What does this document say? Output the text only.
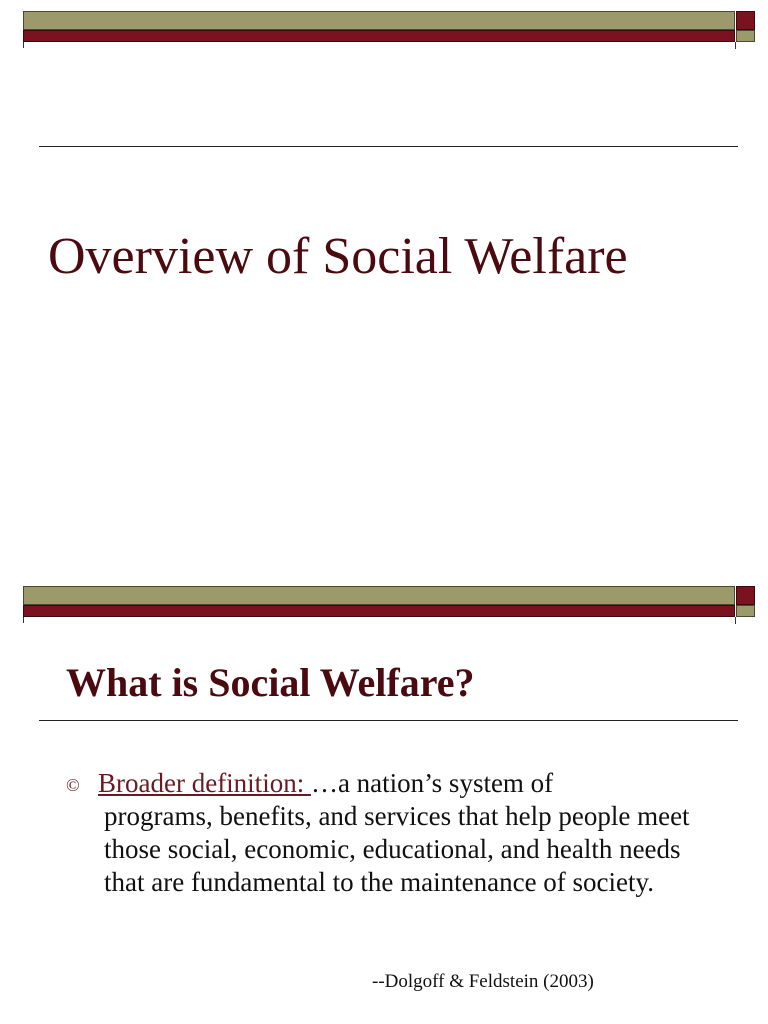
Overview of Social Welfare
What is Social Welfare?
© Broader definition: …a nation’s system of
programs, benefits, and services that help people meet those social, economic, educational, and health needs that are fundamental to the maintenance of society.
--Dolgoff & Feldstein (2003)
